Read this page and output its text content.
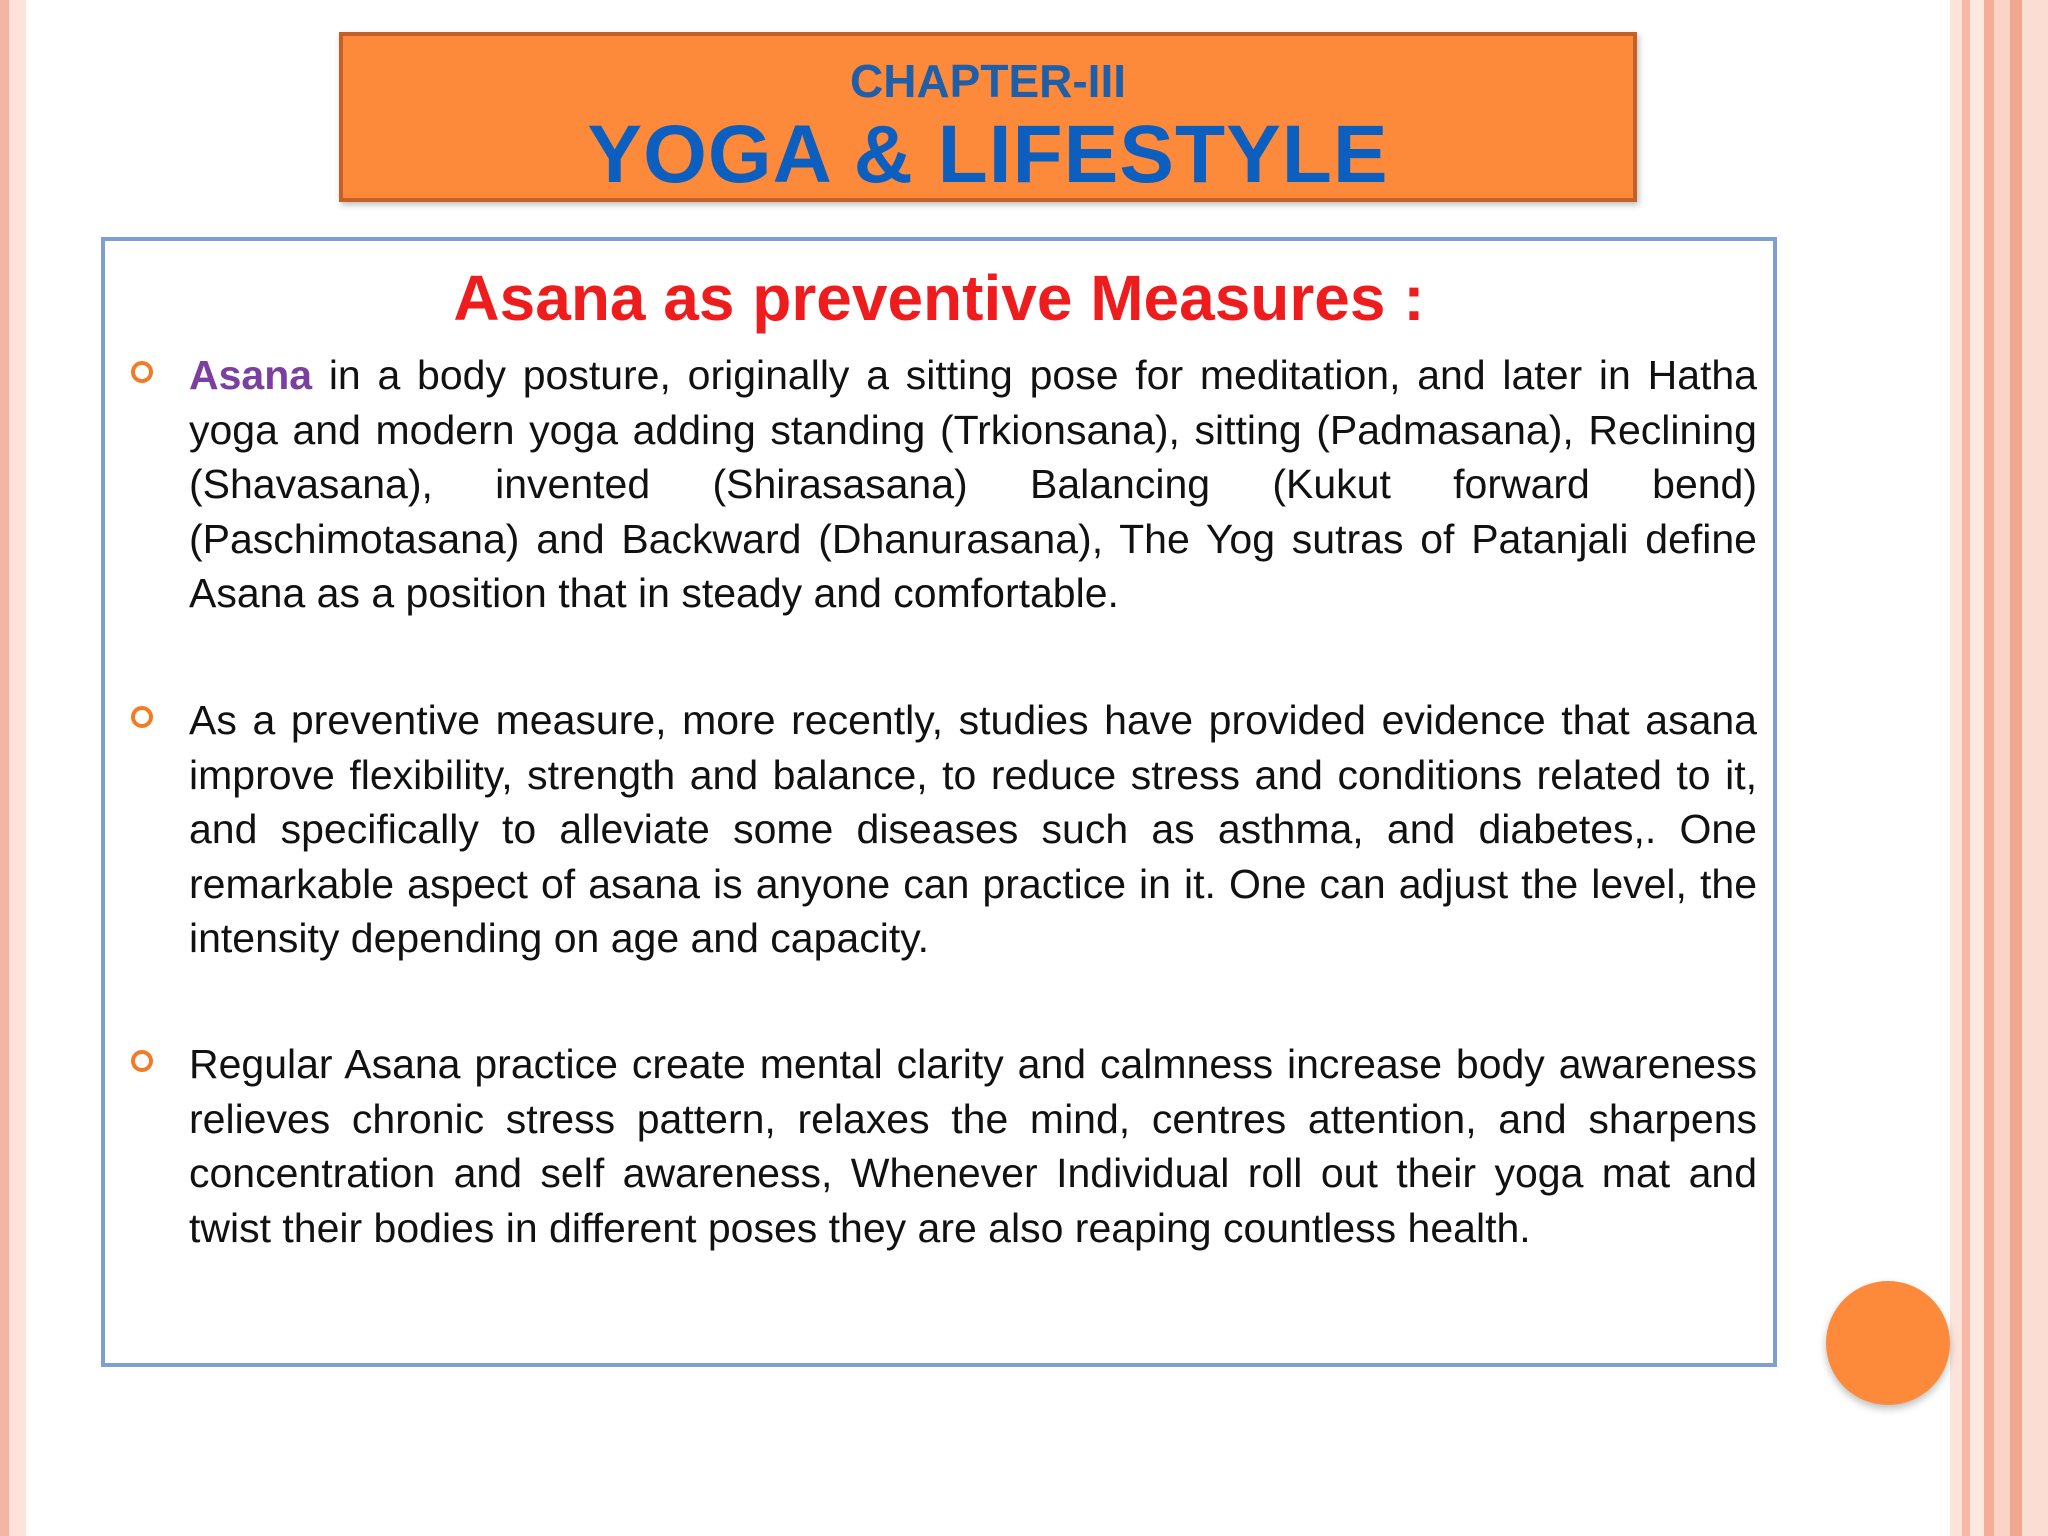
CHAPTER-III
YOGA & LIFESTYLE
Asana as preventive Measures :
Asana in a body posture, originally a sitting pose for meditation, and later in Hatha yoga and modern yoga adding standing (Trkionsana), sitting (Padmasana), Reclining (Shavasana), invented (Shirasasana) Balancing (Kukut forward bend) (Paschimotasana) and Backward (Dhanurasana), The Yog sutras of Patanjali define Asana as a position that in steady and comfortable.
As a preventive measure, more recently, studies have provided evidence that asana improve flexibility, strength and balance, to reduce stress and conditions related to it, and specifically to alleviate some diseases such as asthma, and diabetes,. One remarkable aspect of asana is anyone can practice in it. One can adjust the level, the intensity depending on age and capacity.
Regular Asana practice create mental clarity and calmness increase body awareness relieves chronic stress pattern, relaxes the mind, centres attention, and sharpens concentration and self awareness, Whenever Individual roll out their yoga mat and twist their bodies in different poses they are also reaping countless health.
